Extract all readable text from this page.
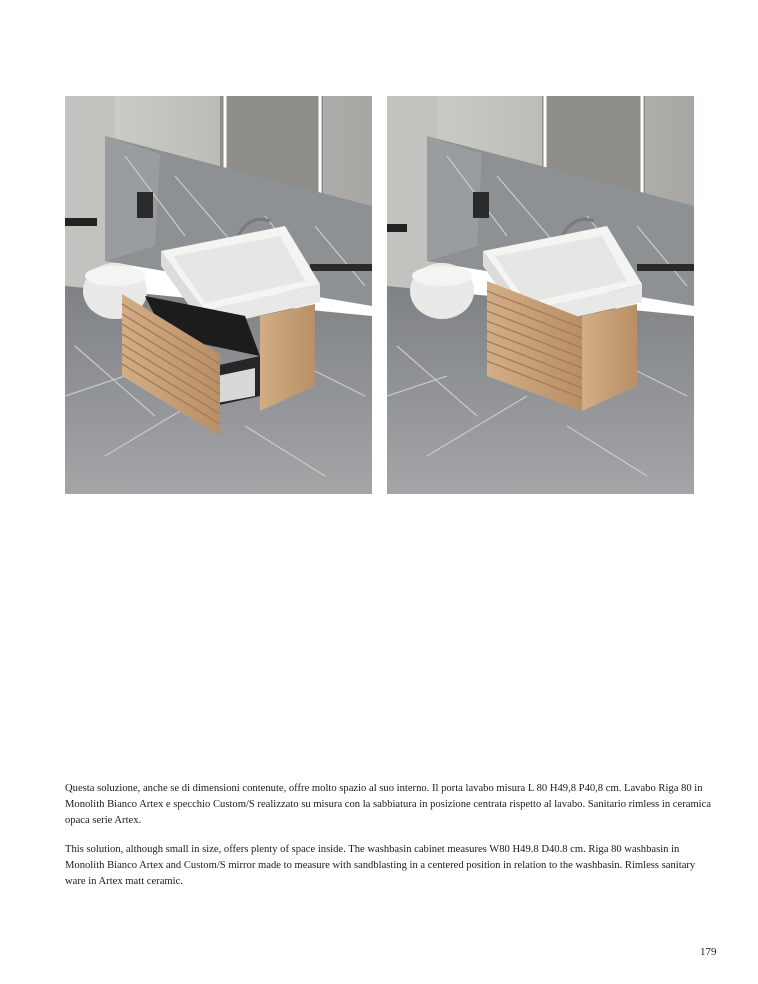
Questa soluzione, anche se di dimensioni contenute, offre molto spazio al suo interno. Il porta lavabo misura L 80 H49,8 P40,8 cm. Lavabo Riga 80 in Monolith Bianco Artex e specchio Custom/S realizzato su misura con la sabbiatura in posizione centrata rispetto al lavabo. Sanitario rimless in ceramica opaca serie Artex.

This solution, although small in size, offers plenty of space inside. The washbasin cabinet measures W80 H49.8 D40.8 cm. Riga 80 washbasin in Monolith Bianco Artex and Custom/S mirror made to measure with sandblasting in a centered position in relation to the washbasin. Rimless sanitary ware in Artex matt ceramic.

179
